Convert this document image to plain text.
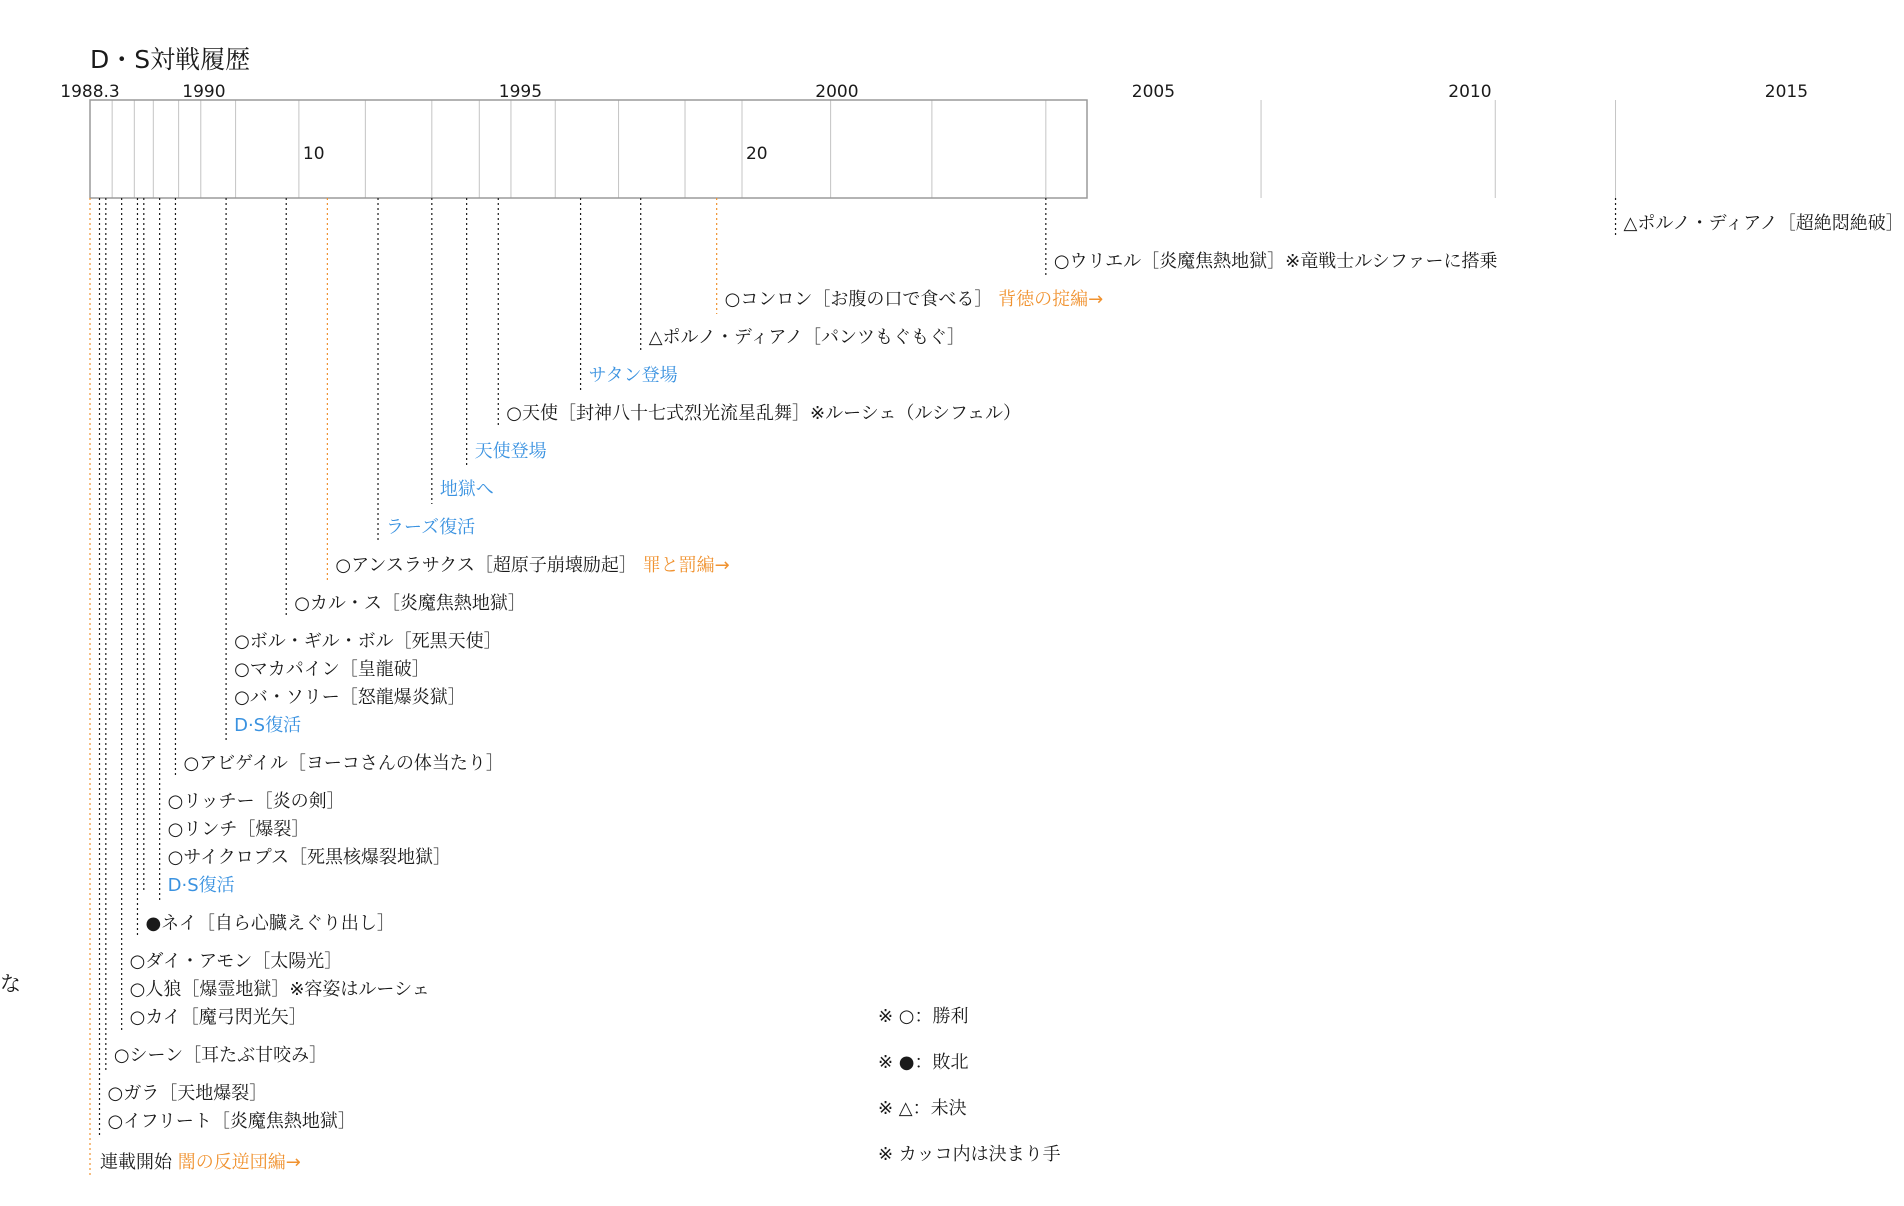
D・S対戦履歴
な
1988.3	1990	1995	2000	2005	2010	2015
10	20
△ポルノ・ディアノ［超絶悶絶破］
○ウリエル［炎魔焦熱地獄］※竜戦士ルシファーに搭乗
○コンロン［お腹の口で食べる］ 背徳の掟編→
△ポルノ・ディアノ［パンツもぐもぐ］
サタン登場
○天使［封神八十七式烈光流星乱舞］※ルーシェ（ルシフェル）
天使登場
地獄へ
ラーズ復活
○アンスラサクス［超原子崩壊励起］ 罪と罰編→
○カル・ス［炎魔焦熱地獄］
○ボル・ギル・ボル［死黒天使］
○マカパイン［皇龍破］
○バ・ソリー［怒龍爆炎獄］
D·S復活
○アビゲイル［ヨーコさんの体当たり］
○リッチー［炎の剣］
○リンチ［爆裂］
○サイクロプス［死黒核爆裂地獄］
D·S復活
●ネイ［自ら心臓えぐり出し］
○ダイ・アモン［太陽光］
○人狼［爆霊地獄］※容姿はルーシェ
○カイ［魔弓閃光矢］
○シーン［耳たぶ甘咬み］
○ガラ［天地爆裂］
○イフリート［炎魔焦熱地獄］
連載開始 闇の反逆団編→
※ ○：勝利
※ ●：敗北
※ △：未決
※ カッコ内は決まり手
